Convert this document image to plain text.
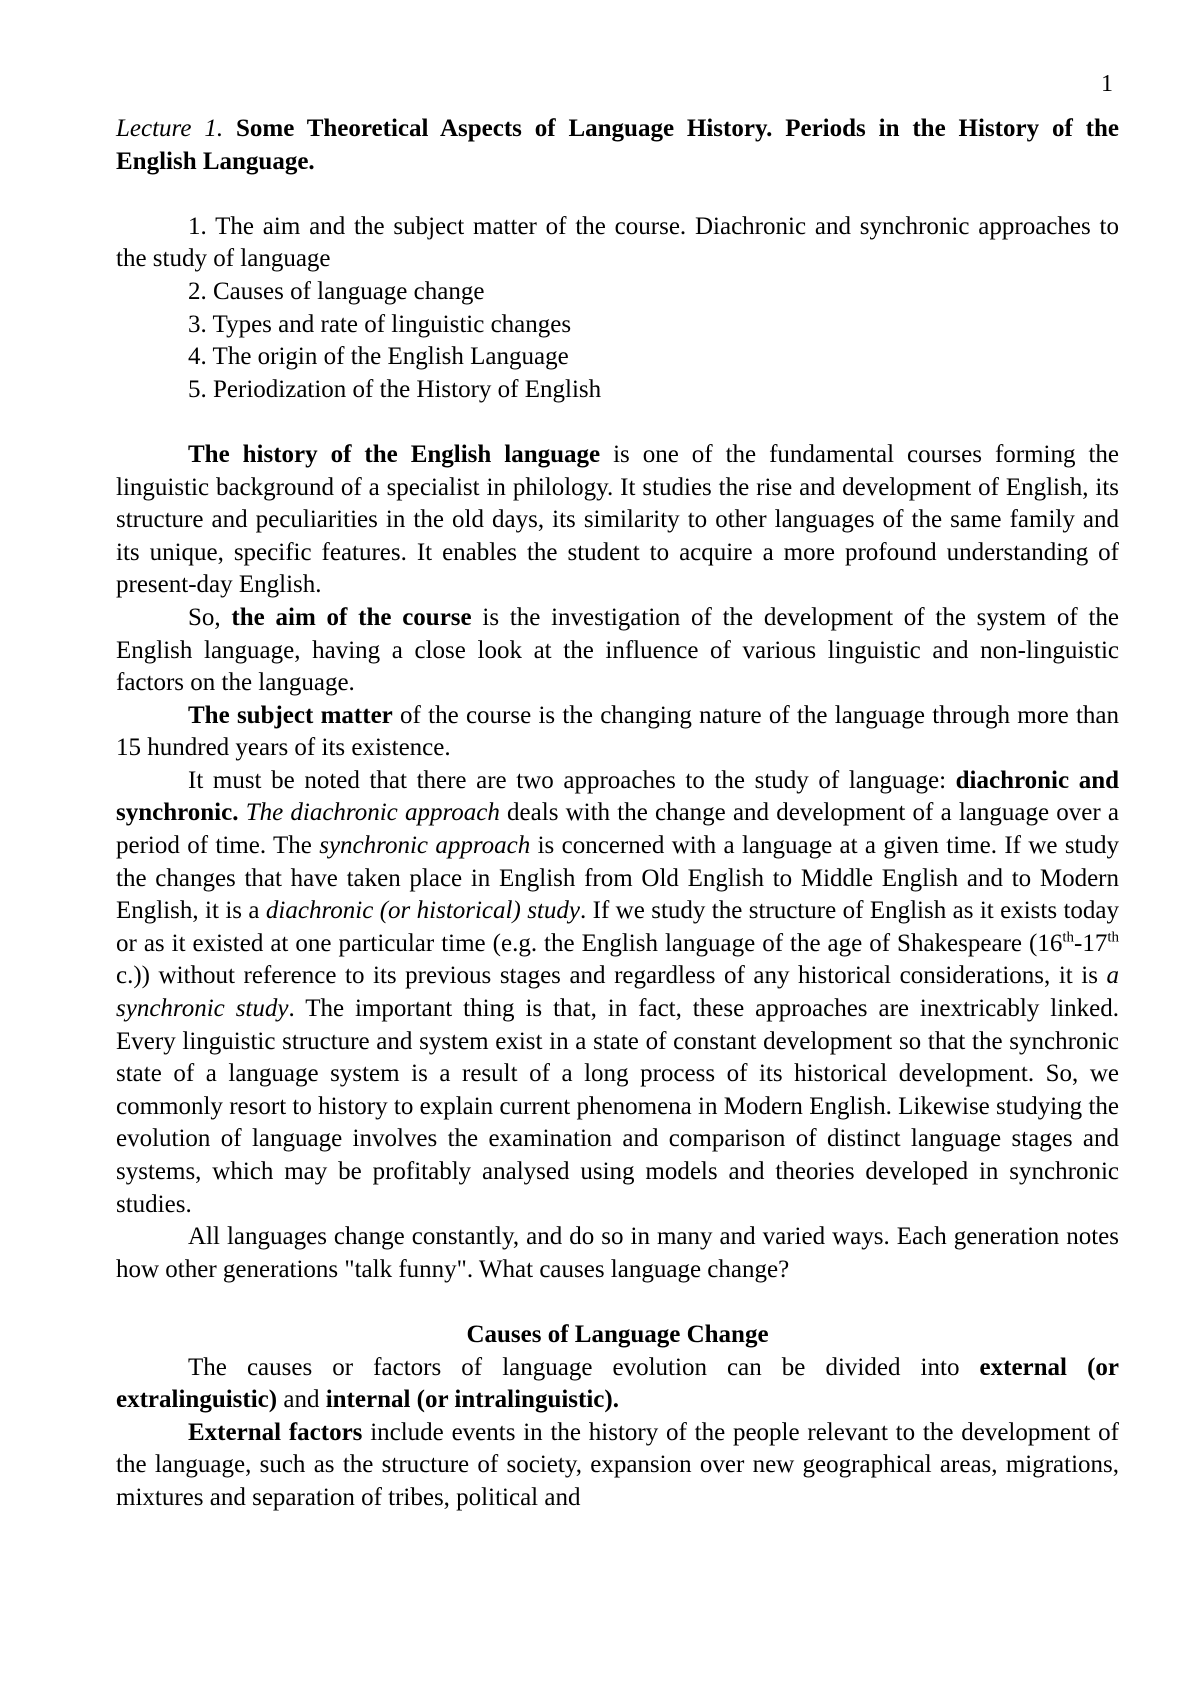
1

Lecture 1. Some Theoretical Aspects of Language History. Periods in the History of the English Language.

1. The aim and the subject matter of the course. Diachronic and synchronic approaches to the study of language

2. Causes of language change

3. Types and rate of linguistic changes

4. The origin of the English Language

5. Periodization of the History of English

The history of the English language is one of the fundamental courses forming the linguistic background of a specialist in philology. It studies the rise and development of English, its structure and peculiarities in the old days, its similarity to other languages of the same family and its unique, specific features. It enables the student to acquire a more profound understanding of present-day English.

So, the aim of the course is the investigation of the development of the system of the English language, having a close look at the influence of various linguistic and non-linguistic factors on the language.

The subject matter of the course is the changing nature of the language through more than 15 hundred years of its existence.

It must be noted that there are two approaches to the study of language: diachronic and synchronic. The diachronic approach deals with the change and development of a language over a period of time. The synchronic approach is concerned with a language at a given time. If we study the changes that have taken place in English from Old English to Middle English and to Modern English, it is a diachronic (or historical) study. If we study the structure of English as it exists today or as it existed at one particular time (e.g. the English language of the age of Shakespeare (16th-17th c.)) without reference to its previous stages and regardless of any historical considerations, it is a synchronic study. The important thing is that, in fact, these approaches are inextricably linked. Every linguistic structure and system exist in a state of constant development so that the synchronic state of a language system is a result of a long process of its historical development. So, we commonly resort to history to explain current phenomena in Modern English. Likewise studying the evolution of language involves the examination and comparison of distinct language stages and systems, which may be profitably analysed using models and theories developed in synchronic studies.

All languages change constantly, and do so in many and varied ways. Each generation notes how other generations "talk funny". What causes language change?

Causes of Language Change

The causes or factors of language evolution can be divided into external (or extralinguistic) and internal (or intralinguistic).

External factors include events in the history of the people relevant to the development of the language, such as the structure of society, expansion over new geographical areas, migrations, mixtures and separation of tribes, political and
